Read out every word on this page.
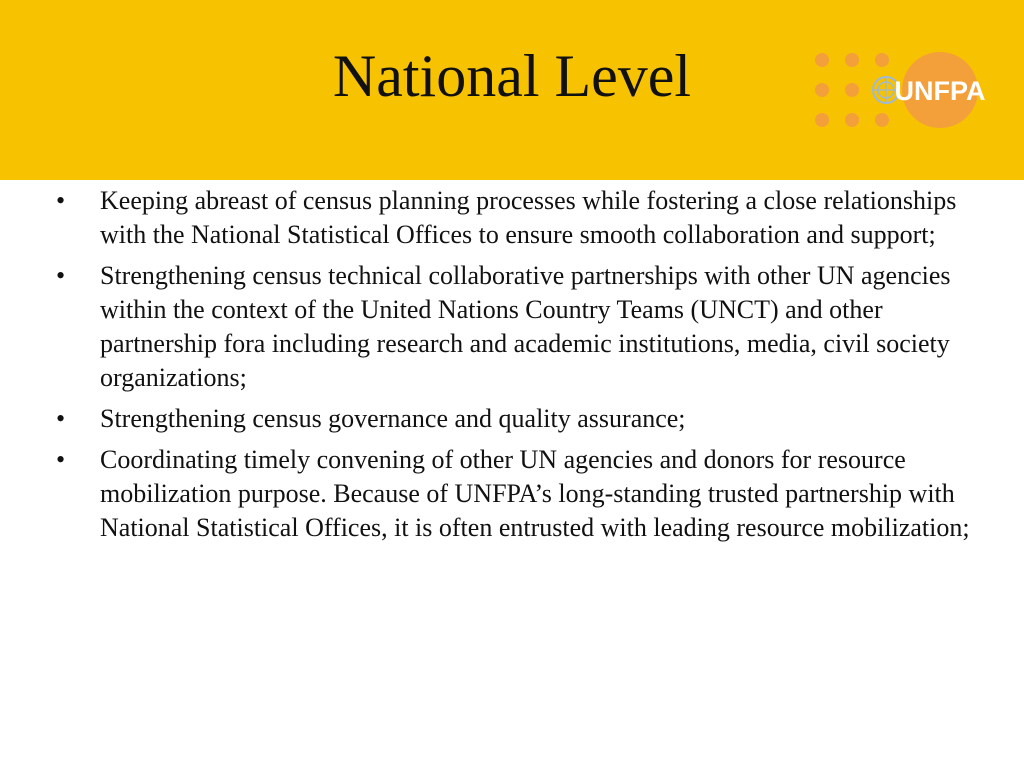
National Level	UNFPA
•	Keeping abreast of census planning processes while fostering a close relationships with the National Statistical Offices to ensure smooth collaboration and support;
•	Strengthening census technical collaborative partnerships with other UN agencies within the context of the United Nations Country Teams (UNCT) and other partnership fora including research and academic institutions, media, civil society organizations;
•	Strengthening census governance and quality assurance;
•	Coordinating timely convening of other UN agencies and donors for resource mobilization purpose. Because of UNFPA’s long-standing trusted partnership with National Statistical Offices, it is often entrusted with leading resource mobilization;
